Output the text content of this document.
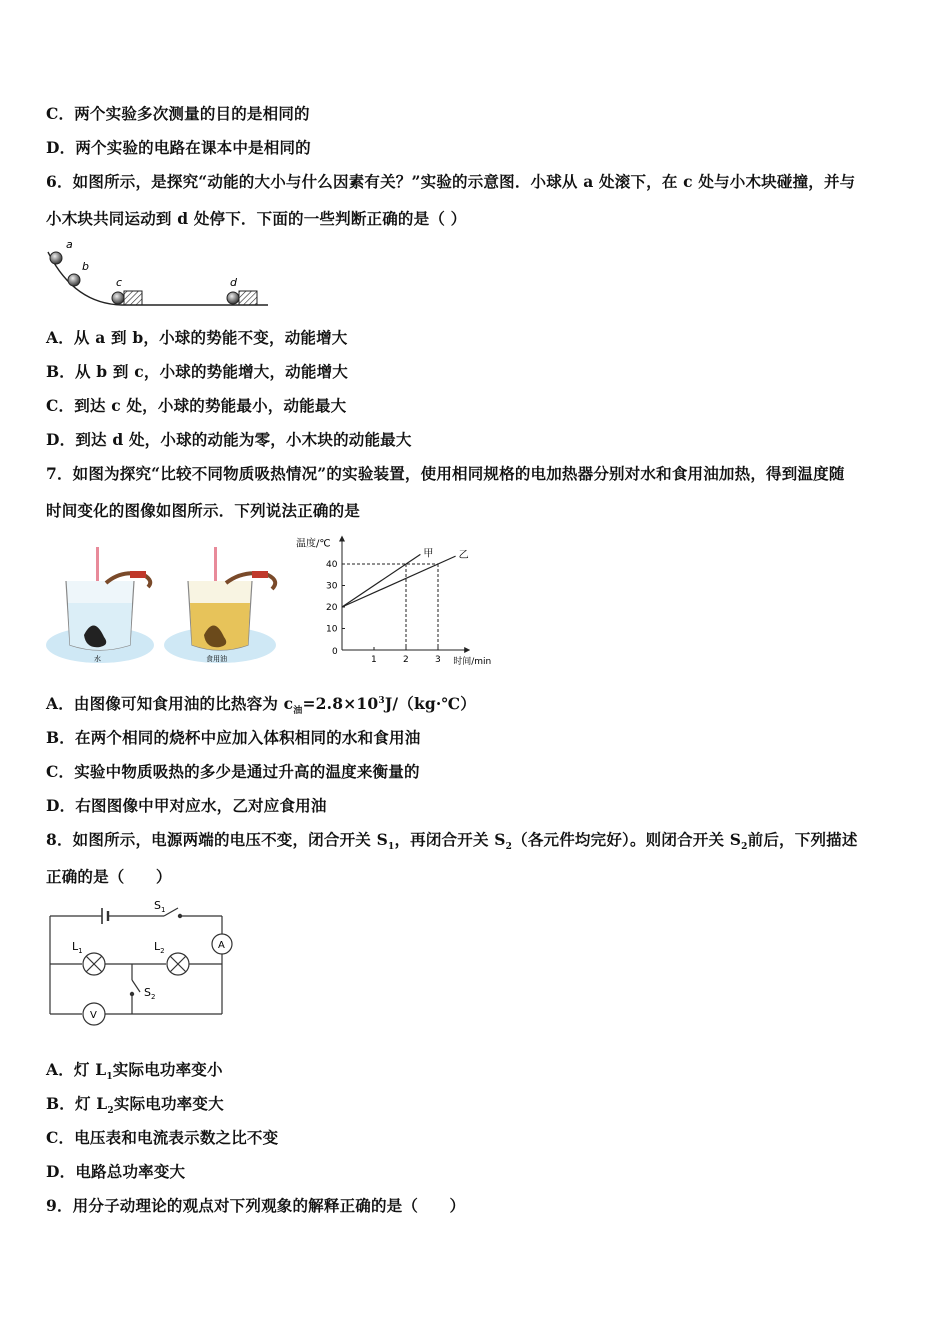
C．两个实验多次测量的目的是相同的
D．两个实验的电路在课本中是相同的
6．如图所示，是探究“动能的大小与什么因素有关？”实验的示意图．小球从 a 处滚下，在 c 处与小木块碰撞，并与
小木块共同运动到 d 处停下．下面的一些判断正确的是（ ）
a
b
c	d
A．从 a 到 b，小球的势能不变，动能增大
B．从 b 到 c，小球的势能增大，动能增大
C．到达 c 处，小球的势能最小，动能最大
D．到达 d 处，小球的动能为零，小木块的动能最大
7．如图为探究“比较不同物质吸热情况”的实验装置，使用相同规格的电加热器分别对水和食用油加热，得到温度随
时间变化的图像如图所示．下列说法正确的是
水	食用油
温度/℃
时间/min
0
10
20
30
40
1	2	3
甲	乙
A．由图像可知食用油的比热容为 $c_油=2.8\times 10^3J/(kg\cdot℃)$
B．在两个相同的烧杯中应加入体积相同的水和食用油
C．实验中物质吸热的多少是通过升高的温度来衡量的
D．右图图像中甲对应水，乙对应食用油
8．如图所示，电源两端的电压不变，闭合开关 $S_1$，再闭合开关 $S_2$（各元件均完好）。则闭合开关 $S_2$前后，下列描述
正确的是（　　）
$S_1$
$S_2$
$L_1$	$L_2$	A
V
A．灯 $L_1$实际电功率变小
B．灯 $L_2$实际电功率变大
C．电压表和电流表示数之比不变
D．电路总功率变大
9．用分子动理论的观点对下列观象的解释正确的是（　　）
